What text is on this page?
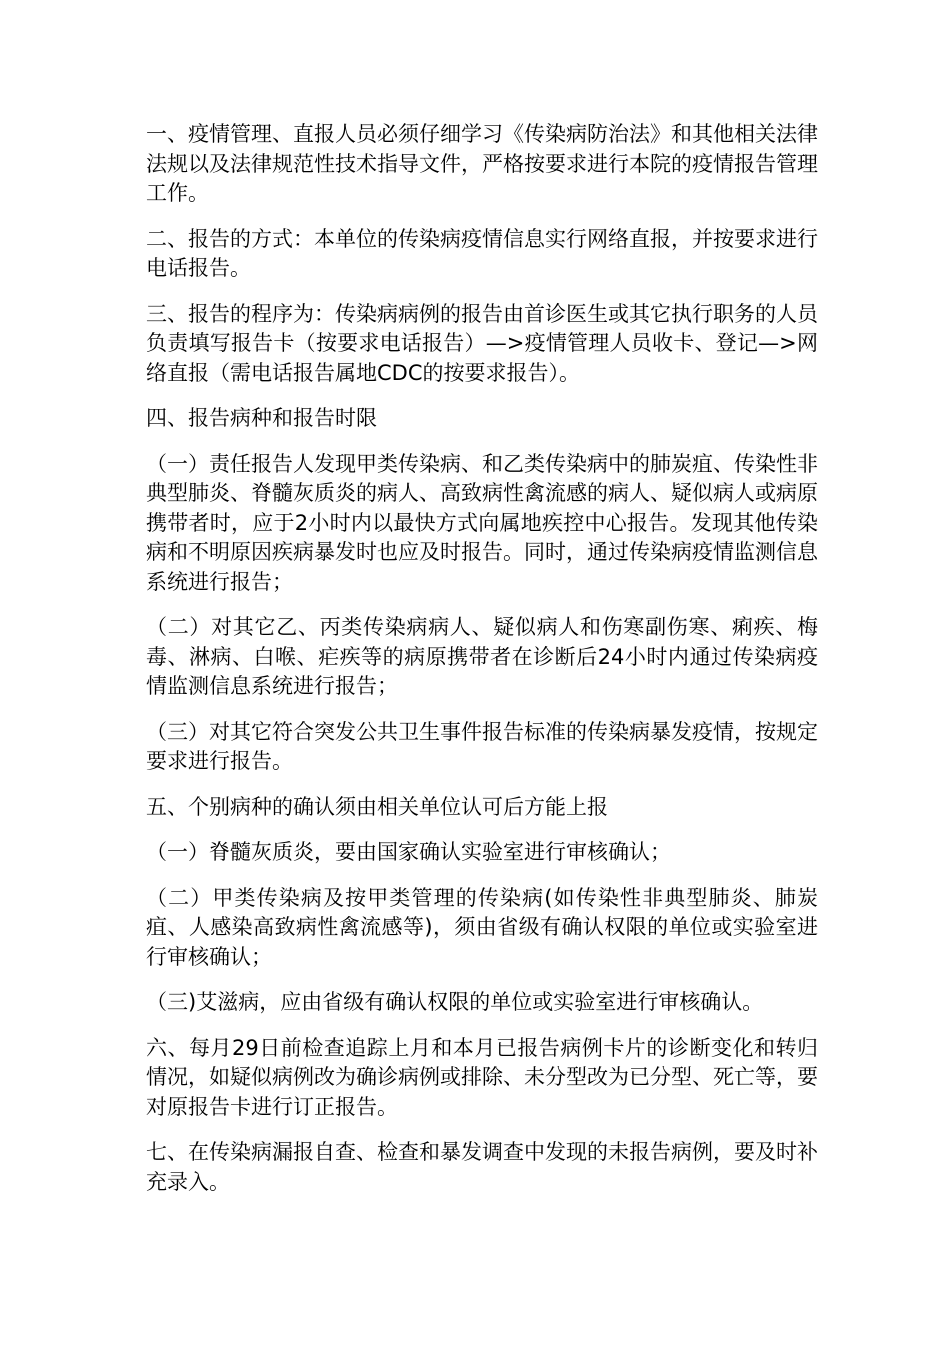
一、疫情管理、直报人员必须仔细学习《传染病防治法》和其他相关法律法规以及法律规范性技术指导文件，严格按要求进行本院的疫情报告管理工作。

二、报告的方式：本单位的传染病疫情信息实行网络直报，并按要求进行电话报告。

三、报告的程序为：传染病病例的报告由首诊医生或其它执行职务的人员负责填写报告卡（按要求电话报告）—>疫情管理人员收卡、登记—>网络直报（需电话报告属地CDC的按要求报告）。

四、报告病种和报告时限

（一）责任报告人发现甲类传染病、和乙类传染病中的肺炭疽、传染性非典型肺炎、脊髓灰质炎的病人、高致病性禽流感的病人、疑似病人或病原携带者时，应于2小时内以最快方式向属地疾控中心报告。发现其他传染病和不明原因疾病暴发时也应及时报告。同时，通过传染病疫情监测信息系统进行报告；

（二）对其它乙、丙类传染病病人、疑似病人和伤寒副伤寒、痢疾、梅毒、淋病、白喉、疟疾等的病原携带者在诊断后24小时内通过传染病疫情监测信息系统进行报告；

（三）对其它符合突发公共卫生事件报告标准的传染病暴发疫情，按规定要求进行报告。

五、个别病种的确认须由相关单位认可后方能上报

（一）脊髓灰质炎，要由国家确认实验室进行审核确认；

（二）甲类传染病及按甲类管理的传染病(如传染性非典型肺炎、肺炭疽、人感染高致病性禽流感等)，须由省级有确认权限的单位或实验室进行审核确认；

（三)艾滋病，应由省级有确认权限的单位或实验室进行审核确认。

六、每月29日前检查追踪上月和本月已报告病例卡片的诊断变化和转归情况，如疑似病例改为确诊病例或排除、未分型改为已分型、死亡等，要对原报告卡进行订正报告。

七、在传染病漏报自查、检查和暴发调查中发现的未报告病例，要及时补充录入。
